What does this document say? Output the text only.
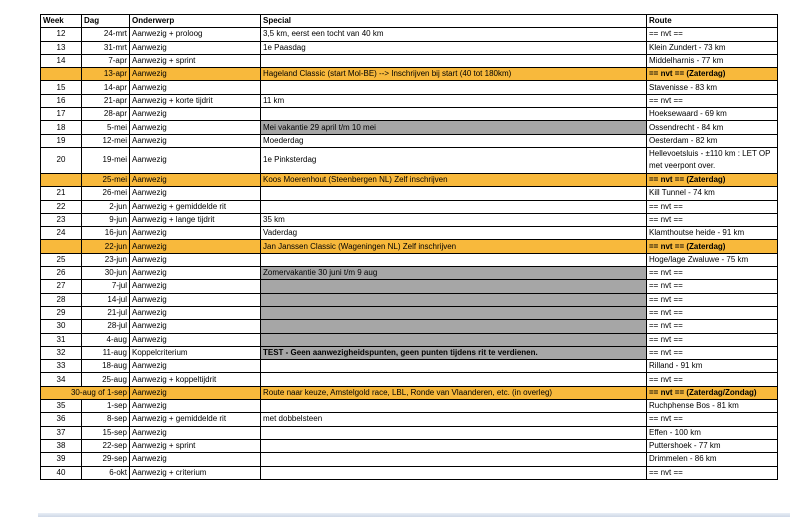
Week	Dag	Onderwerp	Special	Route
12	24-mrt	Aanwezig + proloog	3,5 km, eerst een tocht van 40 km	== nvt ==
13	31-mrt	Aanwezig	1e Paasdag	Klein Zundert - 73 km
14	7-apr	Aanwezig + sprint		Middelharnis - 77 km
	13-apr	Aanwezig	Hageland Classic (start Mol-BE) --> Inschrijven bij start (40 tot 180km)	== nvt == (Zaterdag)
15	14-apr	Aanwezig		Stavenisse - 83 km
16	21-apr	Aanwezig + korte tijdrit	11 km	== nvt ==
17	28-apr	Aanwezig		Hoeksewaard - 69 km
18	5-mei	Aanwezig	Mei vakantie 29 april t/m 10 mei	Ossendrecht - 84 km
19	12-mei	Aanwezig	Moederdag	Oesterdam - 82 km
20	19-mei	Aanwezig	1e Pinksterdag	Hellevoetsluis - ±110 km : LET OP met veerpont over.
	25-mei	Aanwezig	Koos Moerenhout (Steenbergen NL) Zelf inschrijven	== nvt == (Zaterdag)
21	26-mei	Aanwezig		Kill Tunnel - 74 km
22	2-jun	Aanwezig + gemiddelde rit		== nvt ==
23	9-jun	Aanwezig + lange tijdrit	35 km	== nvt ==
24	16-jun	Aanwezig	Vaderdag	Klamthoutse heide - 91 km
	22-jun	Aanwezig	Jan Janssen Classic (Wageningen NL) Zelf inschrijven	== nvt == (Zaterdag)
25	23-jun	Aanwezig		Hoge/lage Zwaluwe - 75 km
26	30-jun	Aanwezig	Zomervakantie 30 juni t/m 9 aug	== nvt ==
27	7-jul	Aanwezig		== nvt ==
28	14-jul	Aanwezig		== nvt ==
29	21-jul	Aanwezig		== nvt ==
30	28-jul	Aanwezig		== nvt ==
31	4-aug	Aanwezig		== nvt ==
32	11-aug	Koppelcriterium	TEST - Geen aanwezigheidspunten, geen punten tijdens rit te verdienen.	== nvt ==
33	18-aug	Aanwezig		Rilland - 91 km
34	25-aug	Aanwezig + koppeltijdrit		== nvt ==
30-aug of 1-sep		Aanwezig	Route naar keuze, Amstelgold race, LBL, Ronde van Vlaanderen, etc. (in overleg)	== nvt == (Zaterdag/Zondag)
35	1-sep	Aanwezig		Ruchphense Bos - 81 km
36	8-sep	Aanwezig + gemiddelde rit	met dobbelsteen	== nvt ==
37	15-sep	Aanwezig		Effen - 100 km
38	22-sep	Aanwezig + sprint		Puttershoek - 77 km
39	29-sep	Aanwezig		Drimmelen - 86 km
40	6-okt	Aanwezig + criterium		== nvt ==
